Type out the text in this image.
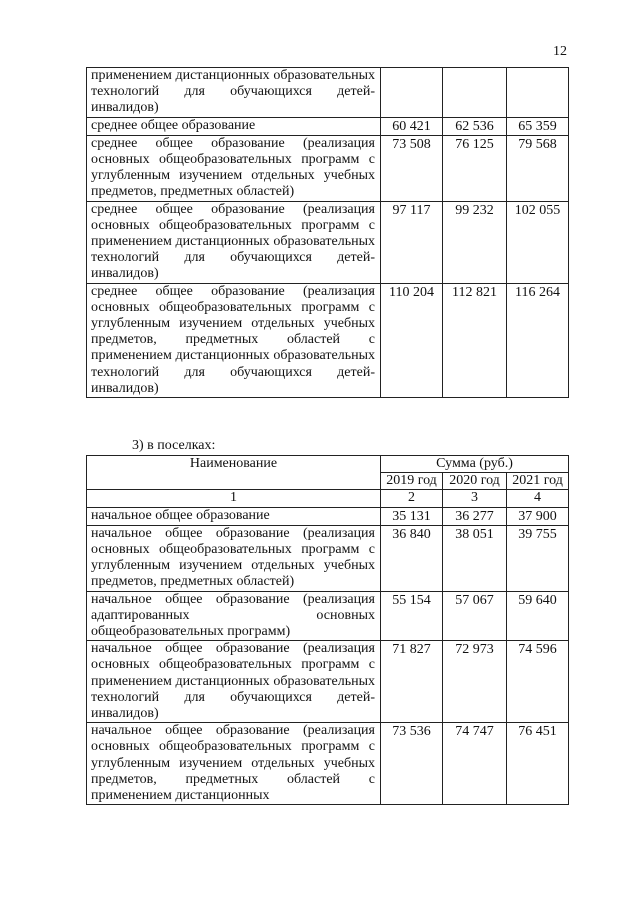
12
применением дистанционных образовательных технологий для обучающихся детей-инвалидов)			
среднее общее образование	60 421	62 536	65 359
среднее общее образование (реализация основных общеобразовательных программ с углубленным изучением отдельных учебных предметов, предметных областей)	73 508	76 125	79 568
среднее общее образование (реализация основных общеобразовательных программ с применением дистанционных образовательных технологий для обучающихся детей-инвалидов)	97 117	99 232	102 055
среднее общее образование (реализация основных общеобразовательных программ с углубленным изучением отдельных учебных предметов, предметных областей с применением дистанционных образовательных технологий для обучающихся детей-инвалидов)	110 204	112 821	116 264
3) в поселках:
Наименование	Сумма (руб.)		
	2019 год	2020 год	2021 год
1	2	3	4
начальное общее образование	35 131	36 277	37 900
начальное общее образование (реализация основных общеобразовательных программ с углубленным изучением отдельных учебных предметов, предметных областей)	36 840	38 051	39 755
начальное общее образование (реализация адаптированных основных общеобразовательных программ)	55 154	57 067	59 640
начальное общее образование (реализация основных общеобразовательных программ с применением дистанционных образовательных технологий для обучающихся детей-инвалидов)	71 827	72 973	74 596
начальное общее образование (реализация основных общеобразовательных программ с углубленным изучением отдельных учебных предметов, предметных областей с применением дистанционных	73 536	74 747	76 451
